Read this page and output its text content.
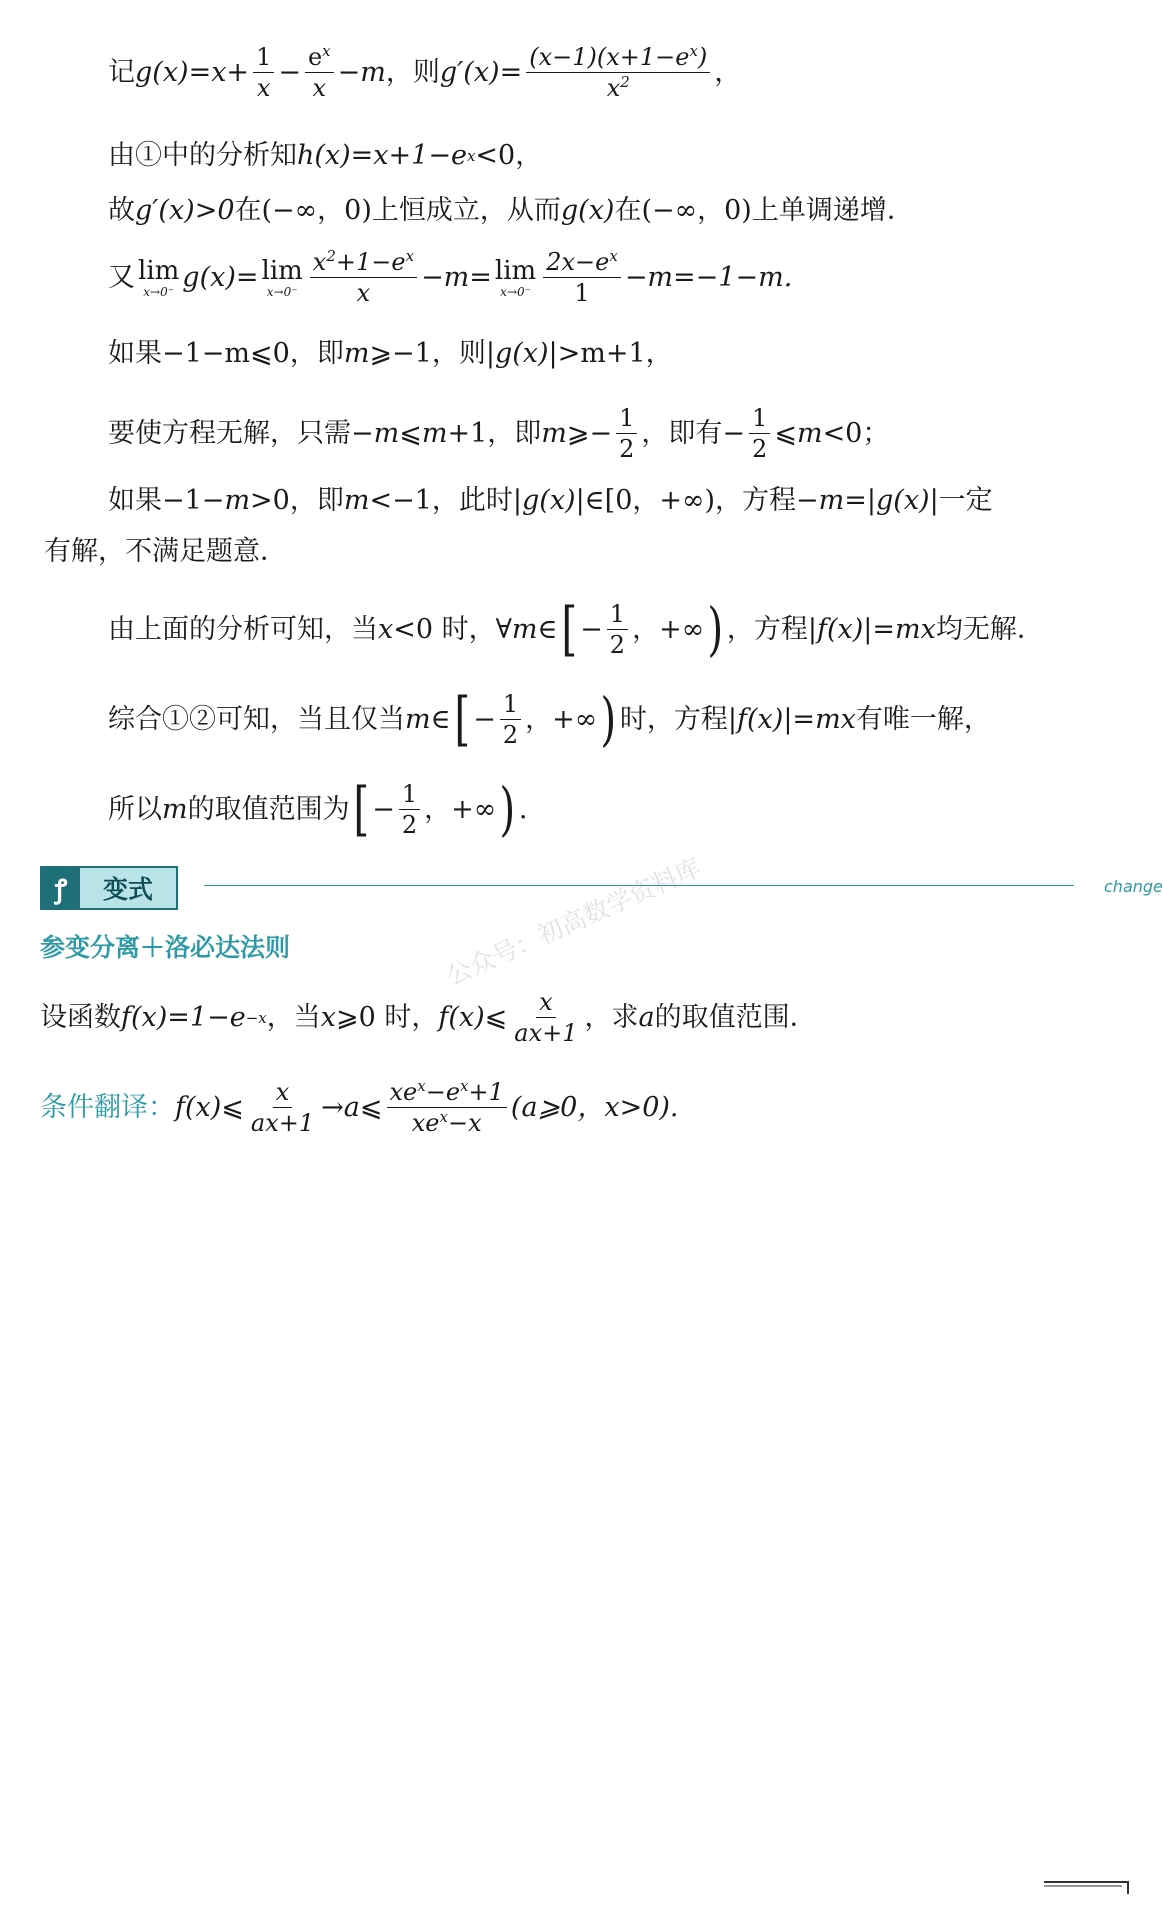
记 $g(x)=x+ \frac{1}{x} - \frac{e^x}{x} -m$ ，则 $g'(x)= \frac{(x-1)(x+1-e^x)}{x^2}$ ，
由①中的分析知 h(x)=x+1−e x <0，
故 g′(x)>0 在(−∞，0)上恒成立，从而 g(x) 在(−∞，0)上单调递增．
又 lim
x→0⁻ g(x)= lim
$x\to 0^- \frac{x^2+1-e^x}{x} -m= \lim$
$x\to 0^- \frac{2x-e^x}{1} -m=-1-m$.
如果−1−m⩽0，即 m ⩾−1，则| g(x) |>m+1，
要使方程无解，只需− m ⩽ m +1，即 m ⩾− $\frac{1}{2}$ ，即有− $\frac{1}{2}$ ⩽ m <0；
如果−1− m >0，即 m <−1，此时| g(x) |∈[0，+∞)，方程− m =| g(x) |一定
有解，不满足题意．
由上面的分析可知，当 x <0 时，∀ m ∈ [ − $\frac{1}{2}$ ，+∞ ) ，方程| f(x) |= mx 均无解．
综合①②可知，当且仅当 m ∈ [ − $\frac{1}{2}$ ，+∞ ) 时，方程| f(x) |= mx 有唯一解，
所以 m 的取值范围为 [ − $\frac{1}{2}$ ，+∞ ) .
ꝭ	变式	change
参变分离＋洛必达法则
设函数 f(x)=1−e −x ，当 x ⩾0 时， f(x) ⩽ $\frac{x}{ax+1}$ ，求 a 的取值范围．
条件翻译： f(x) ⩽ $\frac{x}{ax+1} \to a$ ⩽ $\frac{xe^x-e^x+1}{xe^x-x}$ (a⩾0，x>0).
公众号：初高数学资料库
